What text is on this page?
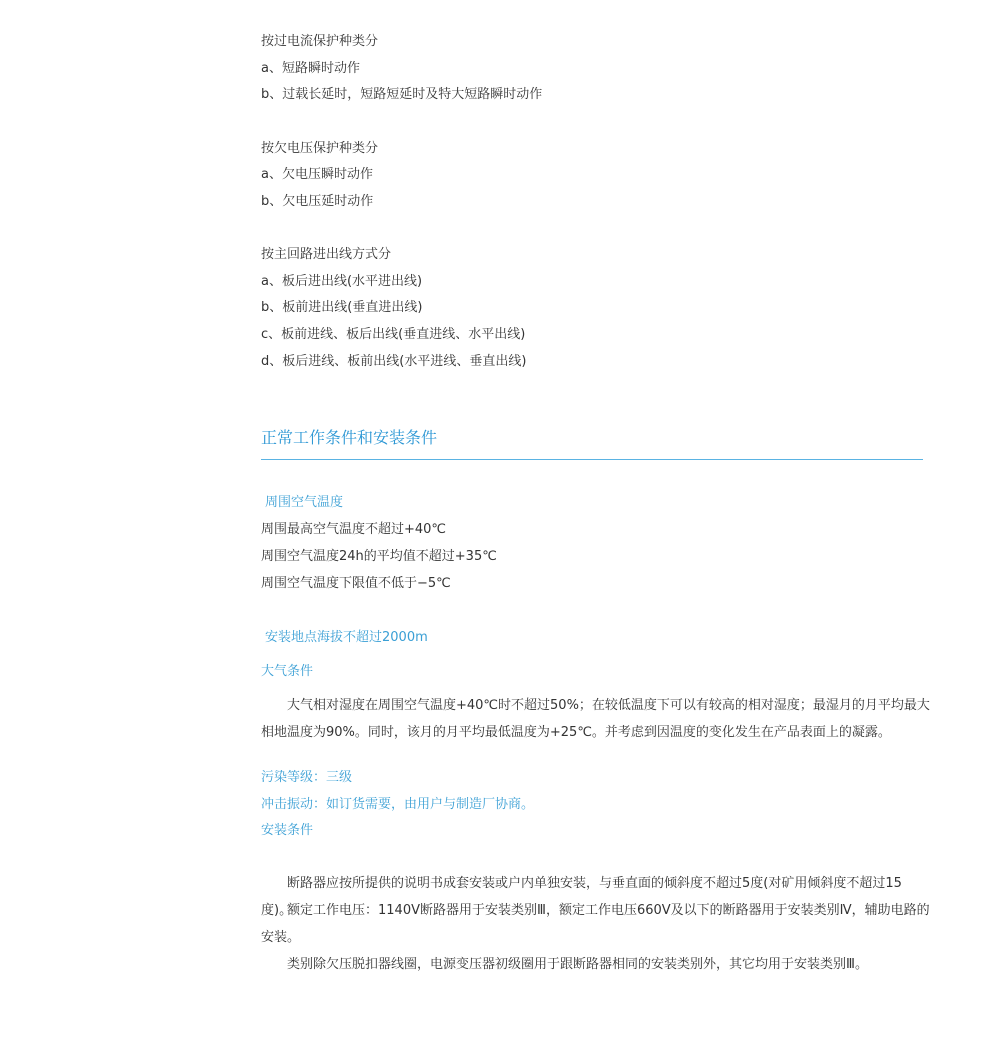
按过电流保护种类分
a、短路瞬时动作
b、过载长延时，短路短延时及特大短路瞬时动作
按欠电压保护种类分
a、欠电压瞬时动作
b、欠电压延时动作
按主回路进出线方式分
a、板后进出线(水平进出线)
b、板前进出线(垂直进出线)
c、板前进线、板后出线(垂直进线、水平出线)
d、板后进线、板前出线(水平进线、垂直出线)
正常工作条件和安装条件
周围空气温度
周围最高空气温度不超过+40℃
周围空气温度24h的平均值不超过+35℃
周围空气温度下限值不低于−5℃
安装地点海拔不超过2000m
大气条件
大气相对湿度在周围空气温度+40℃时不超过50%；在较低温度下可以有较高的相对湿度；最湿月的月平均最大相地温度为90%。同时，该月的月平均最低温度为+25℃。并考虑到因温度的变化发生在产品表面上的凝露。
污染等级：三级
冲击振动：如订货需要，由用户与制造厂协商。
安装条件
断路器应按所提供的说明书成套安装或户内单独安装，与垂直面的倾斜度不超过5度(对矿用倾斜度不超过15度)。
额定工作电压：1140V断路器用于安装类别Ⅲ，额定工作电压660V及以下的断路器用于安装类别Ⅳ，辅助电路的安装。
类别除欠压脱扣器线圈，电源变压器初级圈用于跟断路器相同的安装类别外，其它均用于安装类别Ⅲ。
